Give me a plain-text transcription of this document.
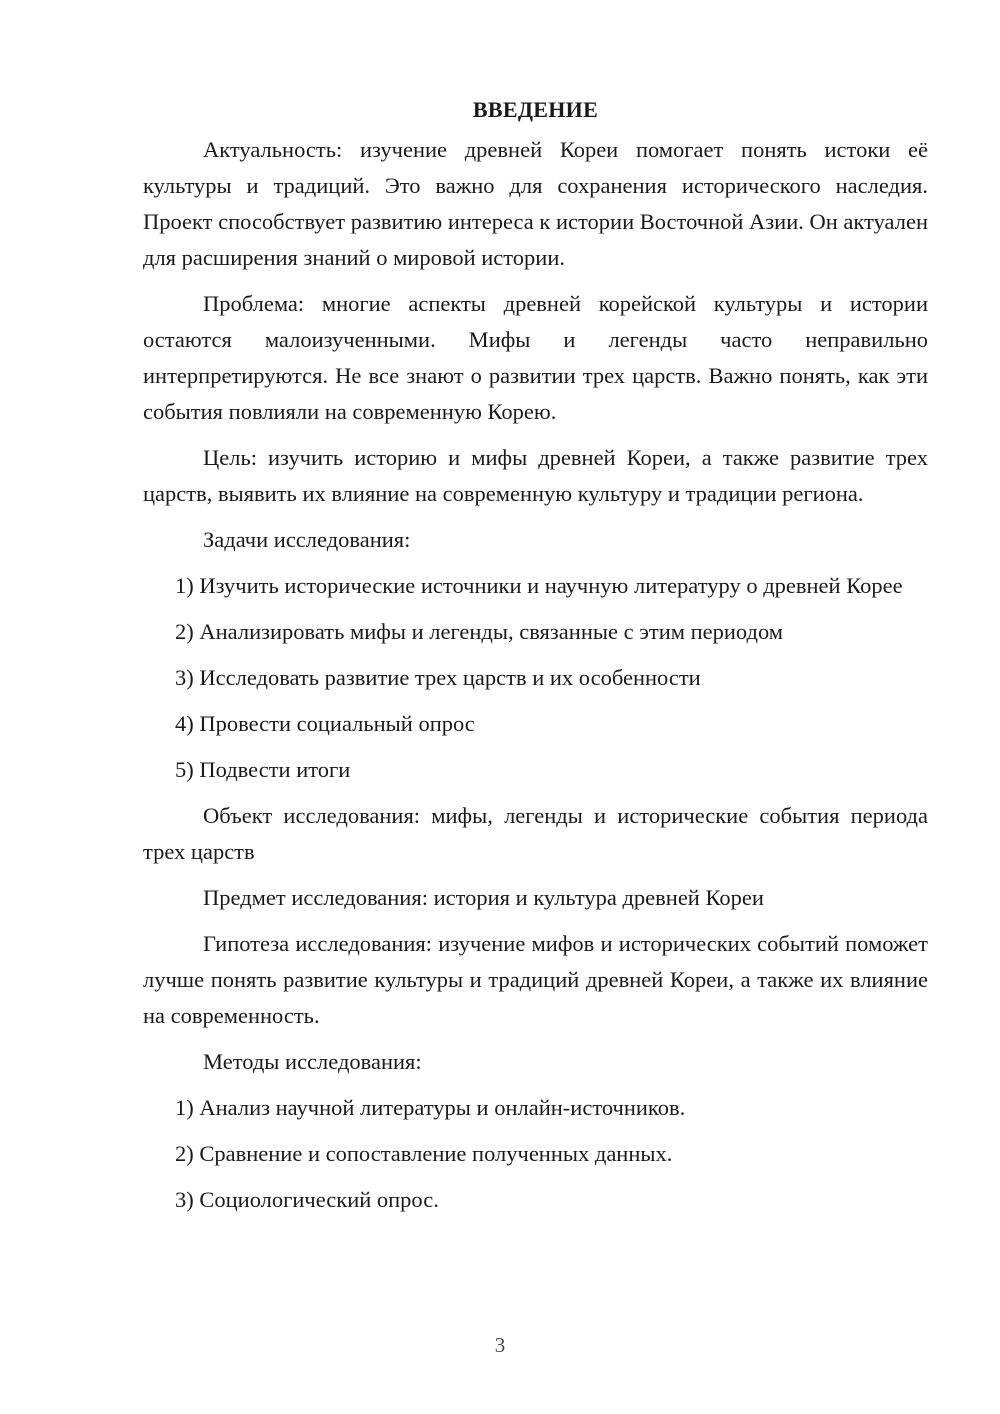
ВВЕДЕНИЕ

Актуальность: изучение древней Кореи помогает понять истоки её культуры и традиций. Это важно для сохранения исторического наследия. Проект способствует развитию интереса к истории Восточной Азии. Он актуален для расширения знаний о мировой истории.

Проблема: многие аспекты древней корейской культуры и истории остаются малоизученными. Мифы и легенды часто неправильно интерпретируются. Не все знают о развитии трех царств. Важно понять, как эти события повлияли на современную Корею.

Цель: изучить историю и мифы древней Кореи, а также развитие трех царств, выявить их влияние на современную культуру и традиции региона.

Задачи исследования:

1) Изучить исторические источники и научную литературу о древней Корее

2) Анализировать мифы и легенды, связанные с этим периодом

3) Исследовать развитие трех царств и их особенности

4) Провести социальный опрос

5) Подвести итоги

Объект исследования: мифы, легенды и исторические события периода трех царств

Предмет исследования: история и культура древней Кореи

Гипотеза исследования: изучение мифов и исторических событий поможет лучше понять развитие культуры и традиций древней Кореи, а также их влияние на современность.

Методы исследования:

1) Анализ научной литературы и онлайн-источников.

2) Сравнение и сопоставление полученных данных.

3) Социологический опрос.

3
